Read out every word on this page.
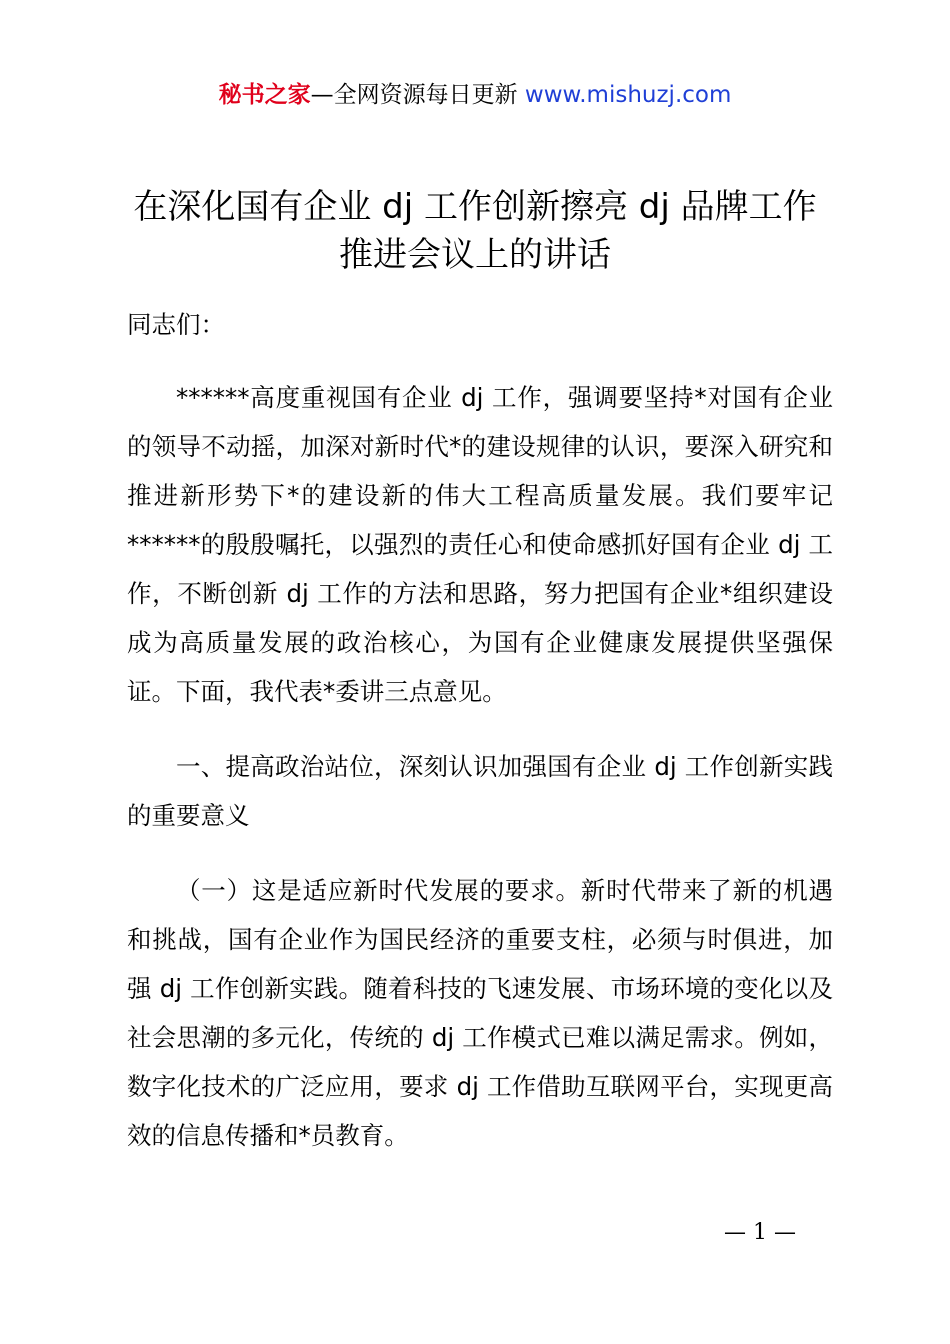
秘书之家—全网资源每日更新 www.mishuzj.com
在深化国有企业 dj 工作创新擦亮 dj 品牌工作
推进会议上的讲话

同志们：

******高度重视国有企业 dj 工作，强调要坚持*对国有企业的领导不动摇，加深对新时代*的建设规律的认识，要深入研究和推进新形势下*的建设新的伟大工程高质量发展。我们要牢记******的殷殷嘱托，以强烈的责任心和使命感抓好国有企业 dj 工作，不断创新 dj 工作的方法和思路，努力把国有企业*组织建设成为高质量发展的政治核心，为国有企业健康发展提供坚强保证。下面，我代表*委讲三点意见。

一、提高政治站位，深刻认识加强国有企业 dj 工作创新实践的重要意义

（一）这是适应新时代发展的要求。新时代带来了新的机遇和挑战，国有企业作为国民经济的重要支柱，必须与时俱进，加强 dj 工作创新实践。随着科技的飞速发展、市场环境的变化以及社会思潮的多元化，传统的 dj 工作模式已难以满足需求。例如，数字化技术的广泛应用，要求 dj 工作借助互联网平台，实现更高效的信息传播和*员教育。

— 1 —
